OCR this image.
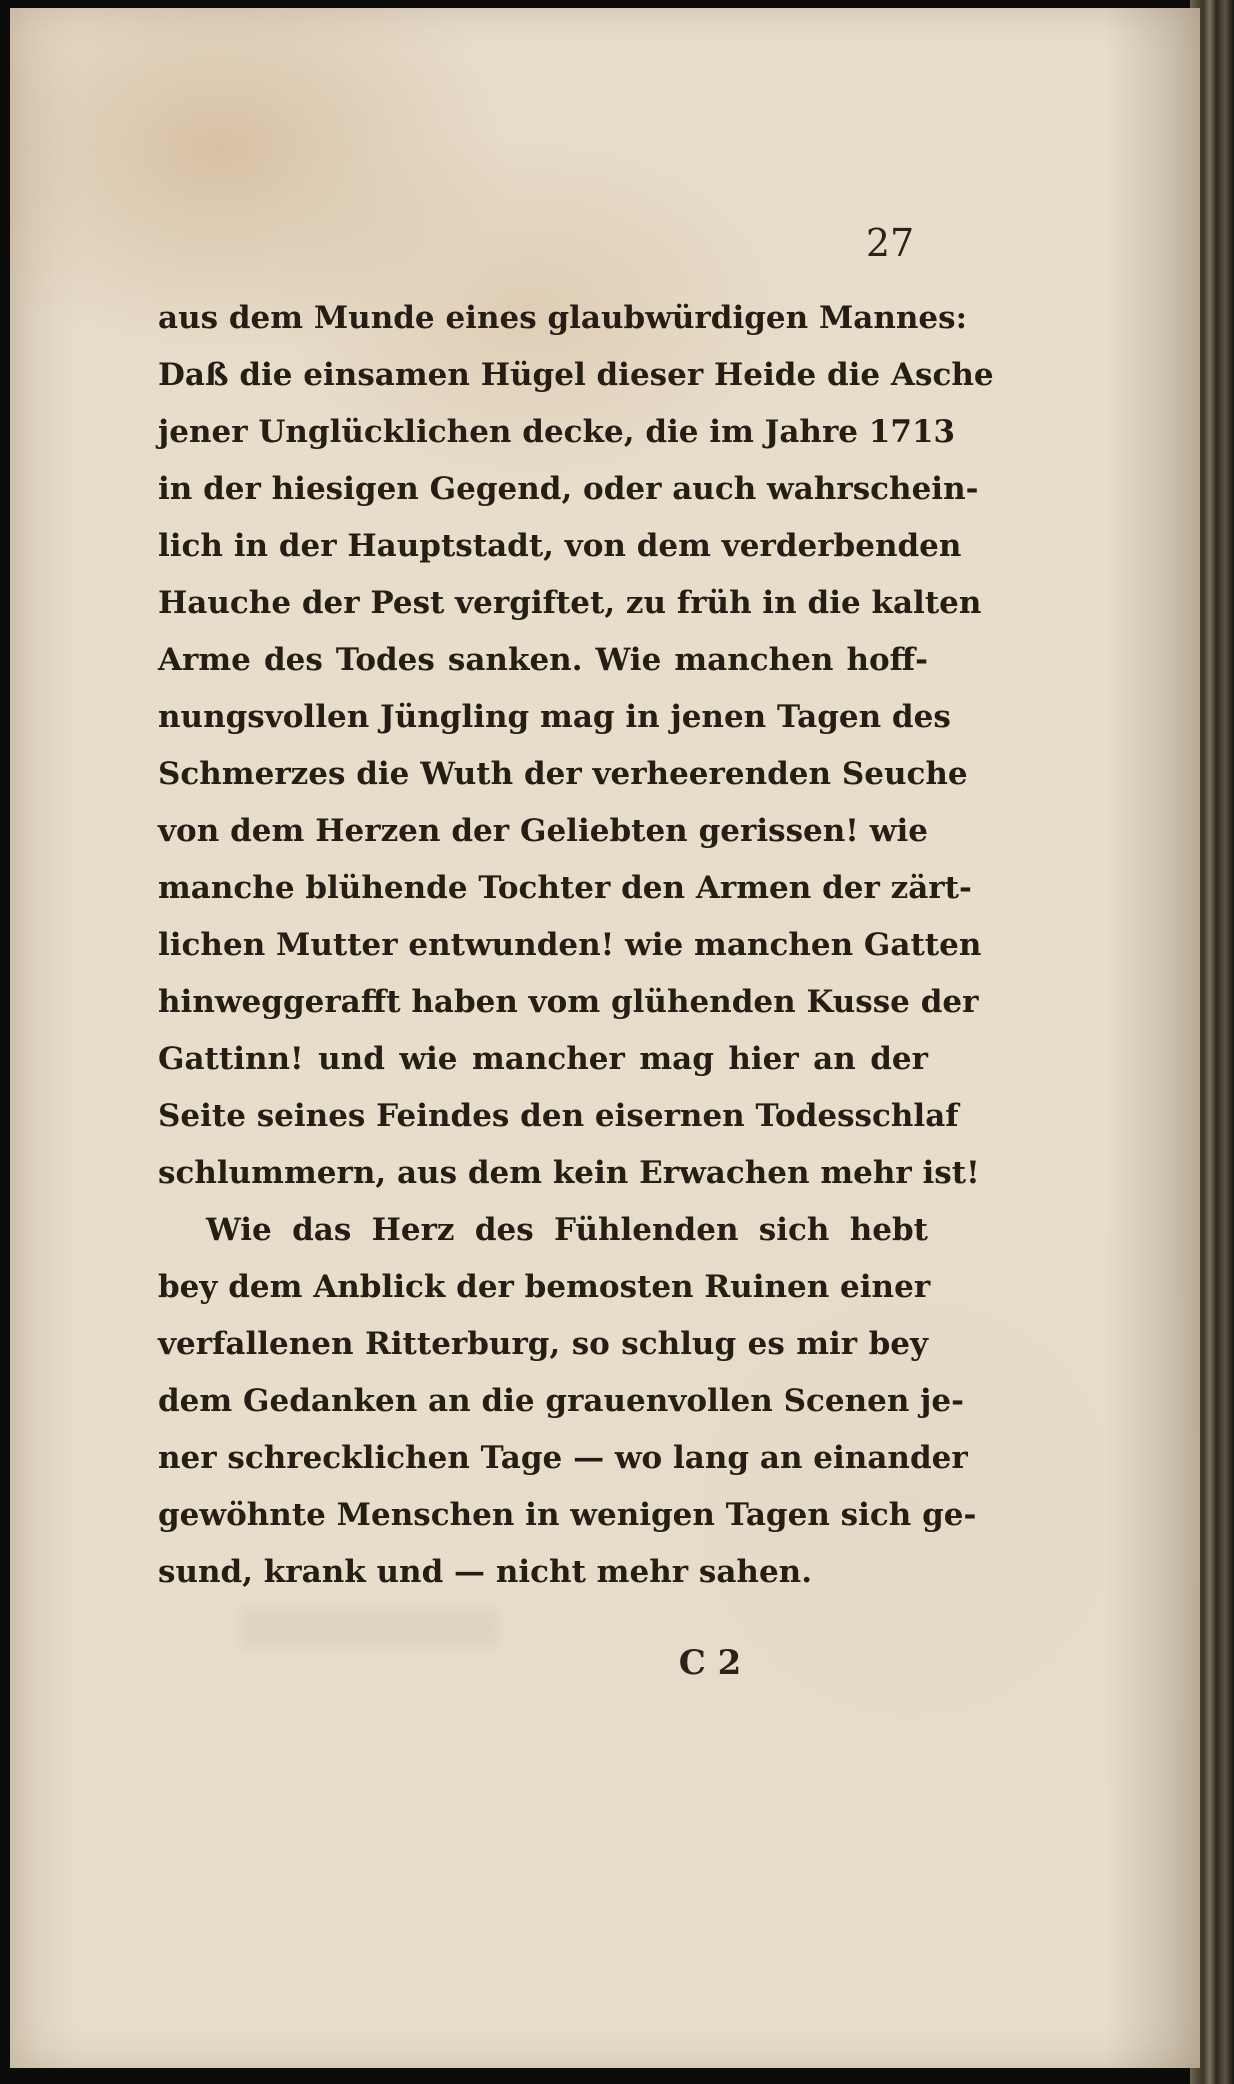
27
aus dem Munde eines glaubwürdigen Mannes:
Daß die einsamen Hügel dieser Heide die Asche
jener Unglücklichen decke, die im Jahre 1713
in der hiesigen Gegend, oder auch wahrschein-
lich in der Hauptstadt, von dem verderbenden
Hauche der Pest vergiftet, zu früh in die kalten
Arme des Todes sanken. Wie manchen hoff-
nungsvollen Jüngling mag in jenen Tagen des
Schmerzes die Wuth der verheerenden Seuche
von dem Herzen der Geliebten gerissen! wie
manche blühende Tochter den Armen der zärt-
lichen Mutter entwunden! wie manchen Gatten
hinweggerafft haben vom glühenden Kusse der
Gattinn! und wie mancher mag hier an der
Seite seines Feindes den eisernen Todesschlaf
schlummern, aus dem kein Erwachen mehr ist!
Wie das Herz des Fühlenden sich hebt
bey dem Anblick der bemosten Ruinen einer
verfallenen Ritterburg, so schlug es mir bey
dem Gedanken an die grauenvollen Scenen je-
ner schrecklichen Tage — wo lang an einander
gewöhnte Menschen in wenigen Tagen sich ge-
sund, krank und — nicht mehr sahen.
C 2
